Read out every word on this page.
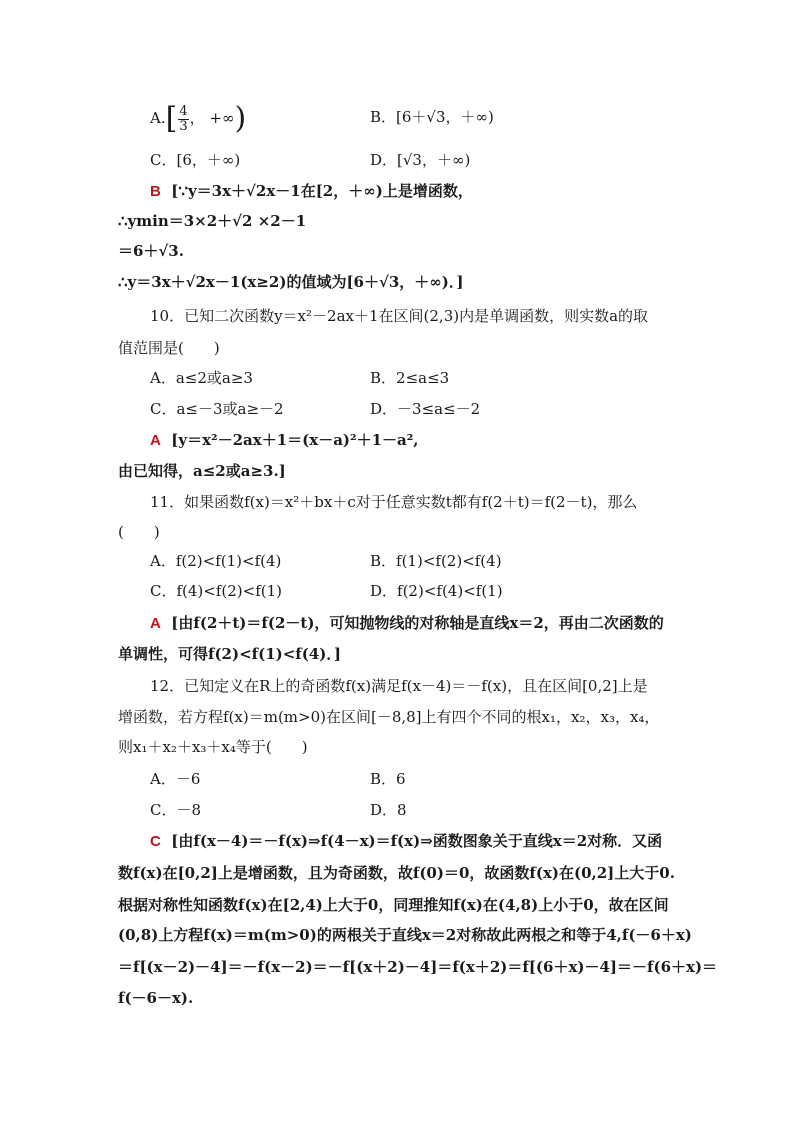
$A.[ \frac{4}{3}$ ， +∞)	B．[6＋√3，＋∞)
C．[6，＋∞)	D．[√3，＋∞)
B [∵y＝3x＋√2x－1在[2，＋∞)上是增函数，
∴ymin＝3×2＋√2 ×2－1
＝6＋√3.
∴y＝3x＋√2x－1(x≥2)的值域为[6＋√3，＋∞)．]
10．已知二次函数y＝x²－2ax＋1在区间(2,3)内是单调函数，则实数a的取
值范围是(　　)
A．a≤2或a≥3	B．2≤a≤3
C．a≤－3或a≥－2	D．－3≤a≤－2
A [y＝x²－2ax＋1＝(x－a)²＋1－a²,
由已知得，a≤2或a≥3.]
11．如果函数f(x)＝x²＋bx＋c对于任意实数t都有f(2＋t)＝f(2－t)，那么
(　　)
A．f(2)<f(1)<f(4)	B．f(1)<f(2)<f(4)
C．f(4)<f(2)<f(1)	D．f(2)<f(4)<f(1)
A [由f(2＋t)＝f(2－t)，可知抛物线的对称轴是直线x＝2，再由二次函数的
单调性，可得f(2)<f(1)<f(4)．]
12．已知定义在R上的奇函数f(x)满足f(x－4)＝－f(x)，且在区间[0,2]上是
增函数，若方程f(x)＝m(m>0)在区间[－8,8]上有四个不同的根x₁，x₂，x₃，x₄，
则x₁＋x₂＋x₃＋x₄等于(　　)
A．－6	B．6
C．－8	D．8
C [由f(x－4)＝－f(x)⇒f(4－x)＝f(x)⇒函数图象关于直线x＝2对称．又函
数f(x)在[0,2]上是增函数，且为奇函数，故f(0)＝0，故函数f(x)在(0,2]上大于0.
根据对称性知函数f(x)在[2,4)上大于0，同理推知f(x)在(4,8)上小于0，故在区间
(0,8)上方程f(x)＝m(m>0)的两根关于直线x＝2对称故此两根之和等于4,f(－6＋x)
＝f[(x－2)－4]＝－f(x－2)＝－f[(x＋2)－4]＝f(x＋2)＝f[(6＋x)－4]＝－f(6＋x)＝
f(－6－x).
